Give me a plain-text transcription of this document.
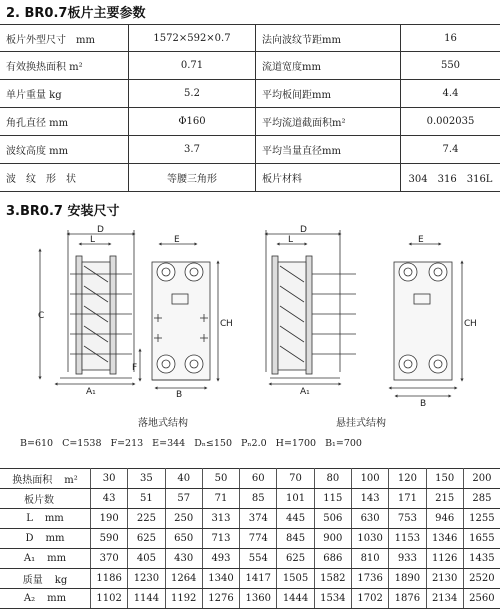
2. BR0.7板片主要参数
板片外型尺寸　mm	1572×592×0.7	法向波纹节距mm	16
有效换热面积 m²	0.71	流道宽度mm	550
单片重量 kg	5.2	平均板间距mm	4.4
角孔直径 mm	Φ160	平均流道截面积m²	0.002035
波纹高度 mm	3.7	平均当量直径mm	7.4
波　纹　形　状	等腰三角形	板片材料	304　316　316L
3.BR0.7 安装尺寸
D
L
C
A₁
E
C H
F
B
D
L
A₁
E
C H
B
落地式结构	悬挂式结构
B=610 C=1538 F=213 E=344 Dₙ≤150 Pₙ2.0 H=1700 B₁=700
换热面积 m²	30	35	40	50	60	70	80	100	120	150	200
板片数	43	51	57	71	85	101	115	143	171	215	285
L mm	190	225	250	313	374	445	506	630	753	946	1255
D mm	590	625	650	713	774	845	900	1030	1153	1346	1655
A₁ mm	370	405	430	493	554	625	686	810	933	1126	1435
质量 kg	1186	1230	1264	1340	1417	1505	1582	1736	1890	2130	2520
A₂ mm	1102	1144	1192	1276	1360	1444	1534	1702	1876	2134	2560
